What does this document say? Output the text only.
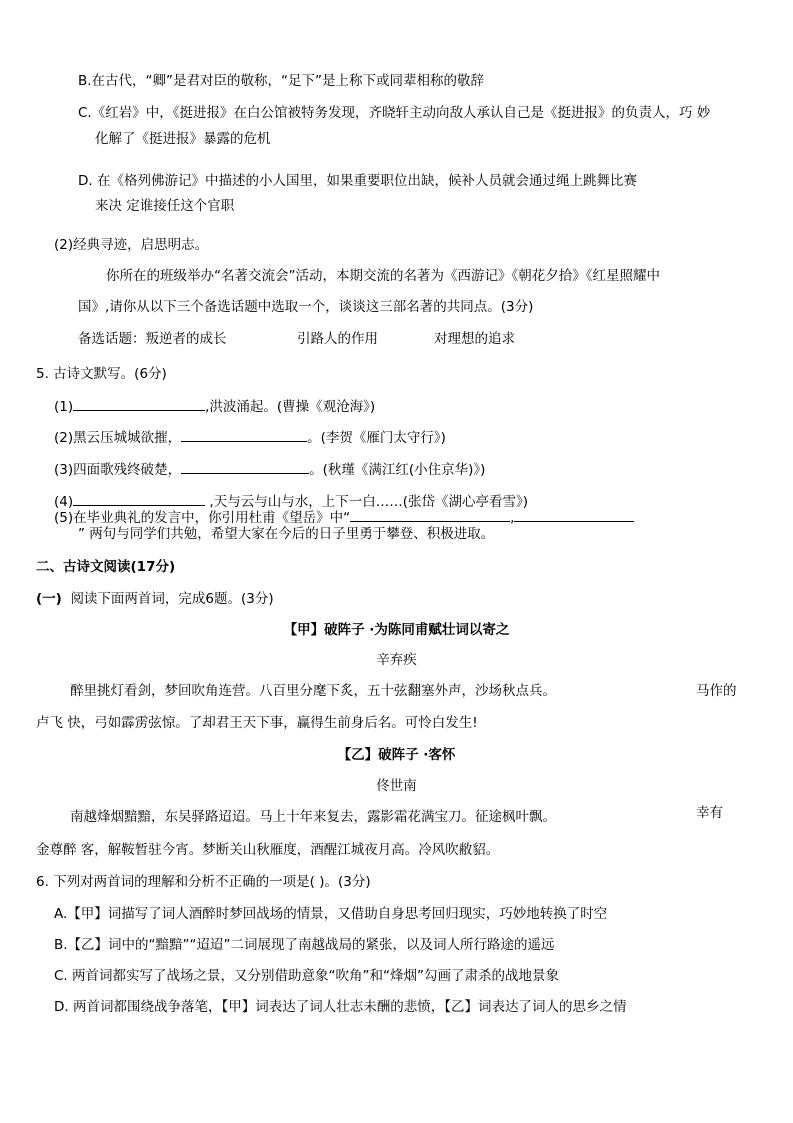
B.在古代，“卿”是君对臣的敬称，“足下”是上称下或同辈相称的敬辞
C.《红岩》中，《挺进报》在白公馆被特务发现，齐晓轩主动向敌人承认自己是《挺进报》的负责人，巧 妙
化解了《挺进报》暴露的危机
D. 在《格列佛游记》中描述的小人国里，如果重要职位出缺，候补人员就会通过绳上跳舞比赛
来决 定谁接任这个官职
(2)经典寻迹，启思明志。
你所在的班级举办“名著交流会”活动，本期交流的名著为《西游记》《朝花夕拾》《红星照耀中
国》,请你从以下三个备选话题中选取一个，谈谈这三部名著的共同点。(3分)
备选话题：叛逆者的成长	引路人的作用	对理想的追求
5. 古诗文默写。(6分)
(1)	,洪波涌起。(曹操《观沧海》)
(2)黑云压城城欲摧，	。(李贺《雁门太守行》)
(3)四面歌残终破楚，	。(秋瑾《满江红(小住京华)》)
(4)	,天与云与山与水，上下一白……(张岱《湖心亭看雪》)
(5)在毕业典礼的发言中，你引用杜甫《望岳》中“	,
” 两句与同学们共勉，希望大家在今后的日子里勇于攀登、积极进取。
二、古诗文阅读(17分)
(一) 阅读下面两首词，完成6题。(3分)
【甲】破阵子 ·为陈同甫赋壮词以寄之
辛弃疾
醉里挑灯看剑，梦回吹角连营。八百里分麾下炙，五十弦翻塞外声，沙场秋点兵。	马作的
卢飞 快，弓如霹雳弦惊。了却君王天下事，赢得生前身后名。可怜白发生!
【乙】破阵子 ·客怀
佟世南
南越烽烟黯黯，东吴驿路迢迢。马上十年来复去，露影霜花满宝刀。征途枫叶飘。	幸有
金尊醉 客，解鞍暂驻今宵。梦断关山秋雁度，酒醒江城夜月高。冷风吹敝貂。
6. 下列对两首词的理解和分析不正确的一项是( )。(3分)
A.【甲】词描写了词人酒醉时梦回战场的情景，又借助自身思考回归现实，巧妙地转换了时空
B.【乙】词中的“黯黯”“迢迢”二词展现了南越战局的紧张，以及词人所行路途的遥远
C. 两首词都实写了战场之景，又分别借助意象“吹角”和“烽烟”勾画了肃杀的战地景象
D. 两首词都围绕战争落笔，【甲】词表达了词人壮志未酬的悲愤，【乙】词表达了词人的思乡之情
